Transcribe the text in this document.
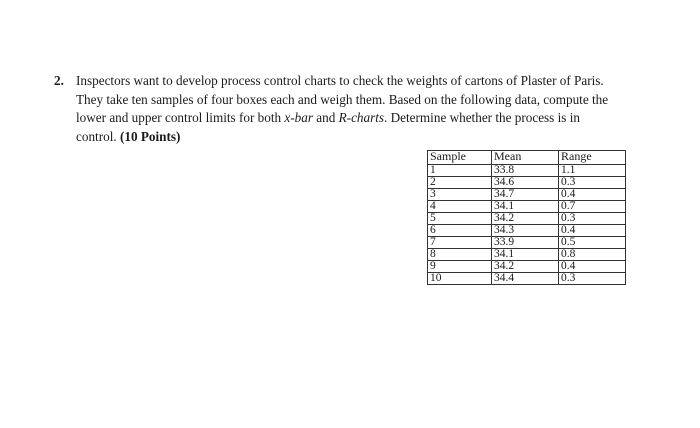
2. Inspectors want to develop process control charts to check the weights of cartons of Plaster of Paris. They take ten samples of four boxes each and weigh them. Based on the following data, compute the lower and upper control limits for both x-bar and R-charts. Determine whether the process is in control. (10 Points)
Sample	Mean	Range
1	33.8	1.1
2	34.6	0.3
3	34.7	0.4
4	34.1	0.7
5	34.2	0.3
6	34.3	0.4
7	33.9	0.5
8	34.1	0.8
9	34.2	0.4
10	34.4	0.3
